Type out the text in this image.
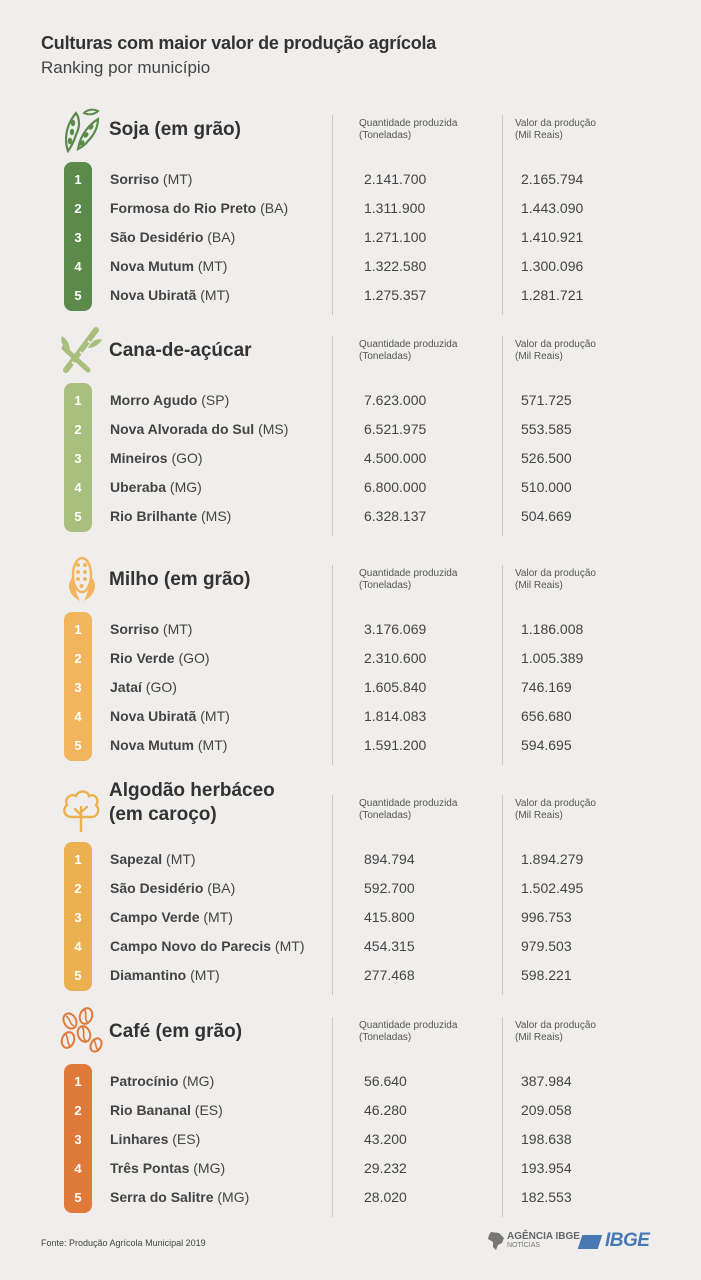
Culturas com maior valor de produção agrícola
Ranking por município
Soja (em grão)	Quantidade produzida
(Toneladas)
Valor da produção
(Mil Reais)
1	Sorriso (MT)	2.141.700	2.165.794
2	Formosa do Rio Preto (BA)	1.311.900	1.443.090
3	São Desidério (BA)	1.271.100	1.410.921
4	Nova Mutum (MT)	1.322.580	1.300.096
5	Nova Ubiratã (MT)	1.275.357	1.281.721
Cana-de-açúcar	Quantidade produzida
(Toneladas)
Valor da produção
(Mil Reais)
1	Morro Agudo (SP)	7.623.000	571.725
2	Nova Alvorada do Sul (MS)	6.521.975	553.585
3	Mineiros (GO)	4.500.000	526.500
4	Uberaba (MG)	6.800.000	510.000
5	Rio Brilhante (MS)	6.328.137	504.669
Milho (em grão)	Quantidade produzida
(Toneladas)
Valor da produção
(Mil Reais)
1	Sorriso (MT)	3.176.069	1.186.008
2	Rio Verde (GO)	2.310.600	1.005.389
3	Jataí (GO)	1.605.840	746.169
4	Nova Ubiratã (MT)	1.814.083	656.680
5	Nova Mutum (MT)	1.591.200	594.695
Algodão herbáceo
(em caroço)
Quantidade produzida
(Toneladas)
Valor da produção
(Mil Reais)
1	Sapezal (MT)	894.794	1.894.279
2	São Desidério (BA)	592.700	1.502.495
3	Campo Verde (MT)	415.800	996.753
4	Campo Novo do Parecis (MT)	454.315	979.503
5	Diamantino (MT)	277.468	598.221
Café (em grão)	Quantidade produzida
(Toneladas)
Valor da produção
(Mil Reais)
1	Patrocínio (MG)	56.640	387.984
2	Rio Bananal (ES)	46.280	209.058
3	Linhares (ES)	43.200	198.638
4	Três Pontas (MG)	29.232	193.954
5	Serra do Salitre (MG)	28.020	182.553
Fonte: Produção Agrícola Municipal 2019
AGÊNCIA IBGE
NOTÍCIAS	IBGE
